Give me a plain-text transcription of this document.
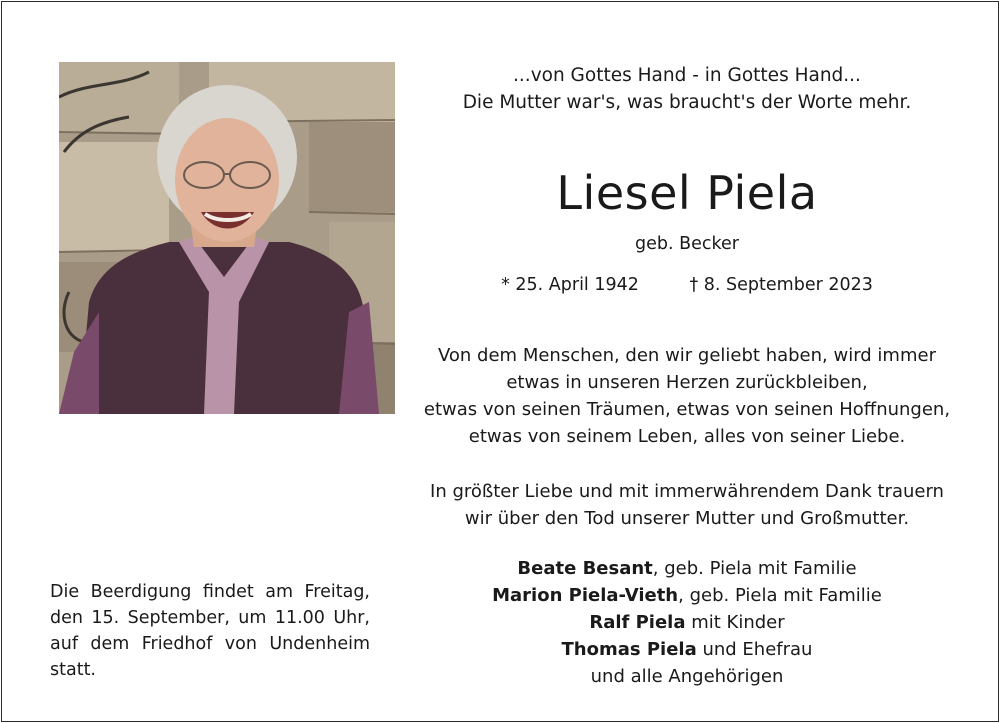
...von Gottes Hand - in Gottes Hand...
Die Mutter war's, was braucht's der Worte mehr.
Liesel Piela
geb. Becker
* 25. April 1942	† 8. September 2023
Von dem Menschen, den wir geliebt haben, wird immer
etwas in unseren Herzen zurückbleiben,
etwas von seinen Träumen, etwas von seinen Hoffnungen,
etwas von seinem Leben, alles von seiner Liebe.
In größter Liebe und mit immerwährendem Dank trauern
wir über den Tod unserer Mutter und Großmutter.
Beate Besant, geb. Piela mit Familie
Marion Piela-Vieth, geb. Piela mit Familie
Ralf Piela mit Kinder
Thomas Piela und Ehefrau
und alle Angehörigen
Die Beerdigung findet am Freitag,
den 15. September, um 11.00 Uhr,
auf dem Friedhof von Undenheim
statt.
